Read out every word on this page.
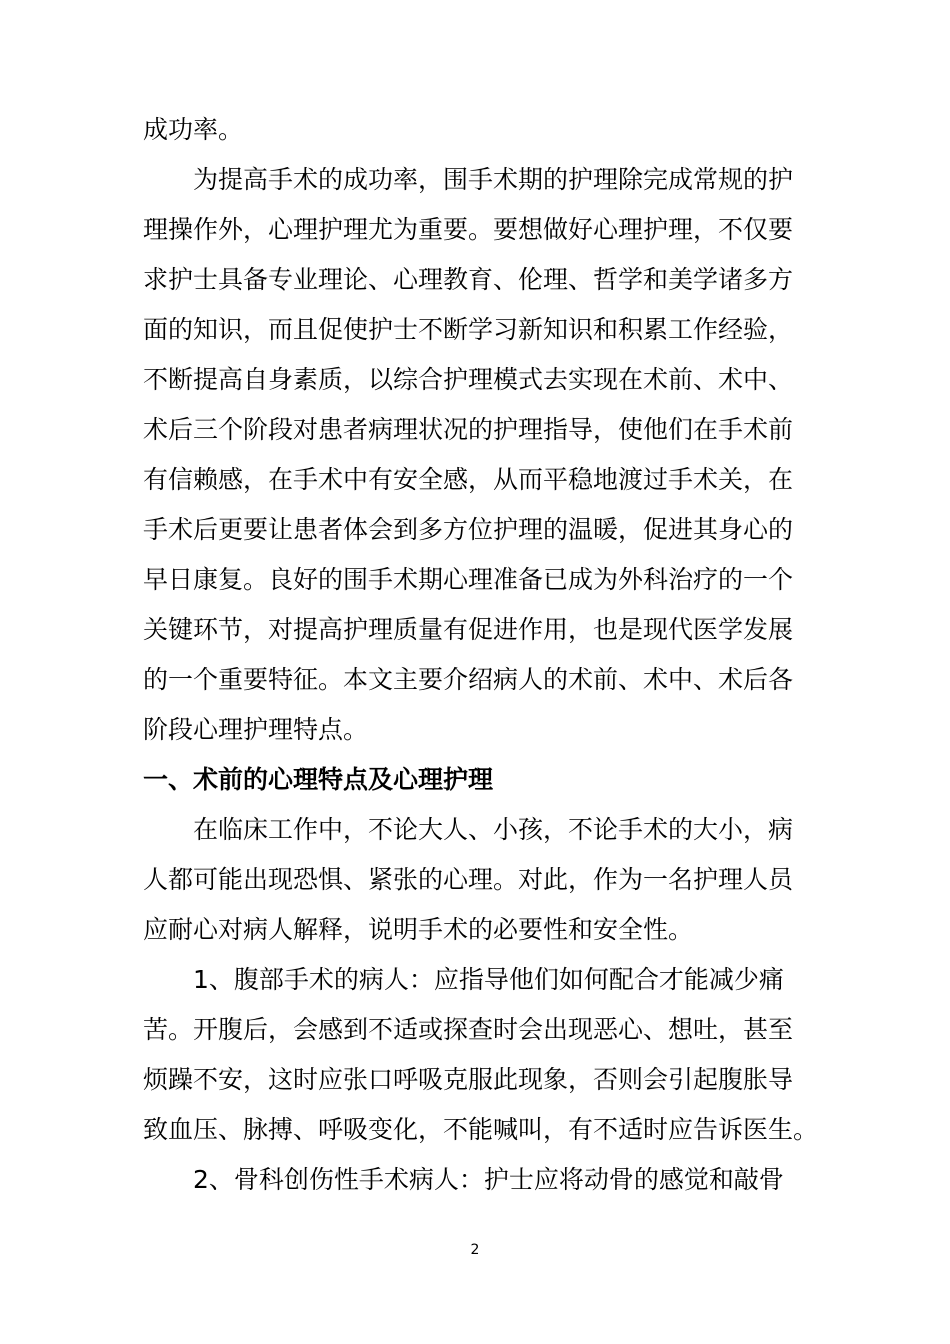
成功率。
为提高手术的成功率，围手术期的护理除完成常规的护
理操作外，心理护理尤为重要。要想做好心理护理，不仅要
求护士具备专业理论、心理教育、伦理、哲学和美学诸多方
面的知识，而且促使护士不断学习新知识和积累工作经验，
不断提高自身素质，以综合护理模式去实现在术前、术中、
术后三个阶段对患者病理状况的护理指导，使他们在手术前
有信赖感，在手术中有安全感，从而平稳地渡过手术关，在
手术后更要让患者体会到多方位护理的温暖，促进其身心的
早日康复。良好的围手术期心理准备已成为外科治疗的一个
关键环节，对提高护理质量有促进作用，也是现代医学发展
的一个重要特征。本文主要介绍病人的术前、术中、术后各
阶段心理护理特点。
一、术前的心理特点及心理护理
在临床工作中，不论大人、小孩，不论手术的大小，病
人都可能出现恐惧、紧张的心理。对此，作为一名护理人员
应耐心对病人解释，说明手术的必要性和安全性。
1、腹部手术的病人：应指导他们如何配合才能减少痛
苦。开腹后，会感到不适或探查时会出现恶心、想吐，甚至
烦躁不安，这时应张口呼吸克服此现象，否则会引起腹胀导
致血压、脉搏、呼吸变化，不能喊叫，有不适时应告诉医生。
2、骨科创伤性手术病人：护士应将动骨的感觉和敲骨
2
